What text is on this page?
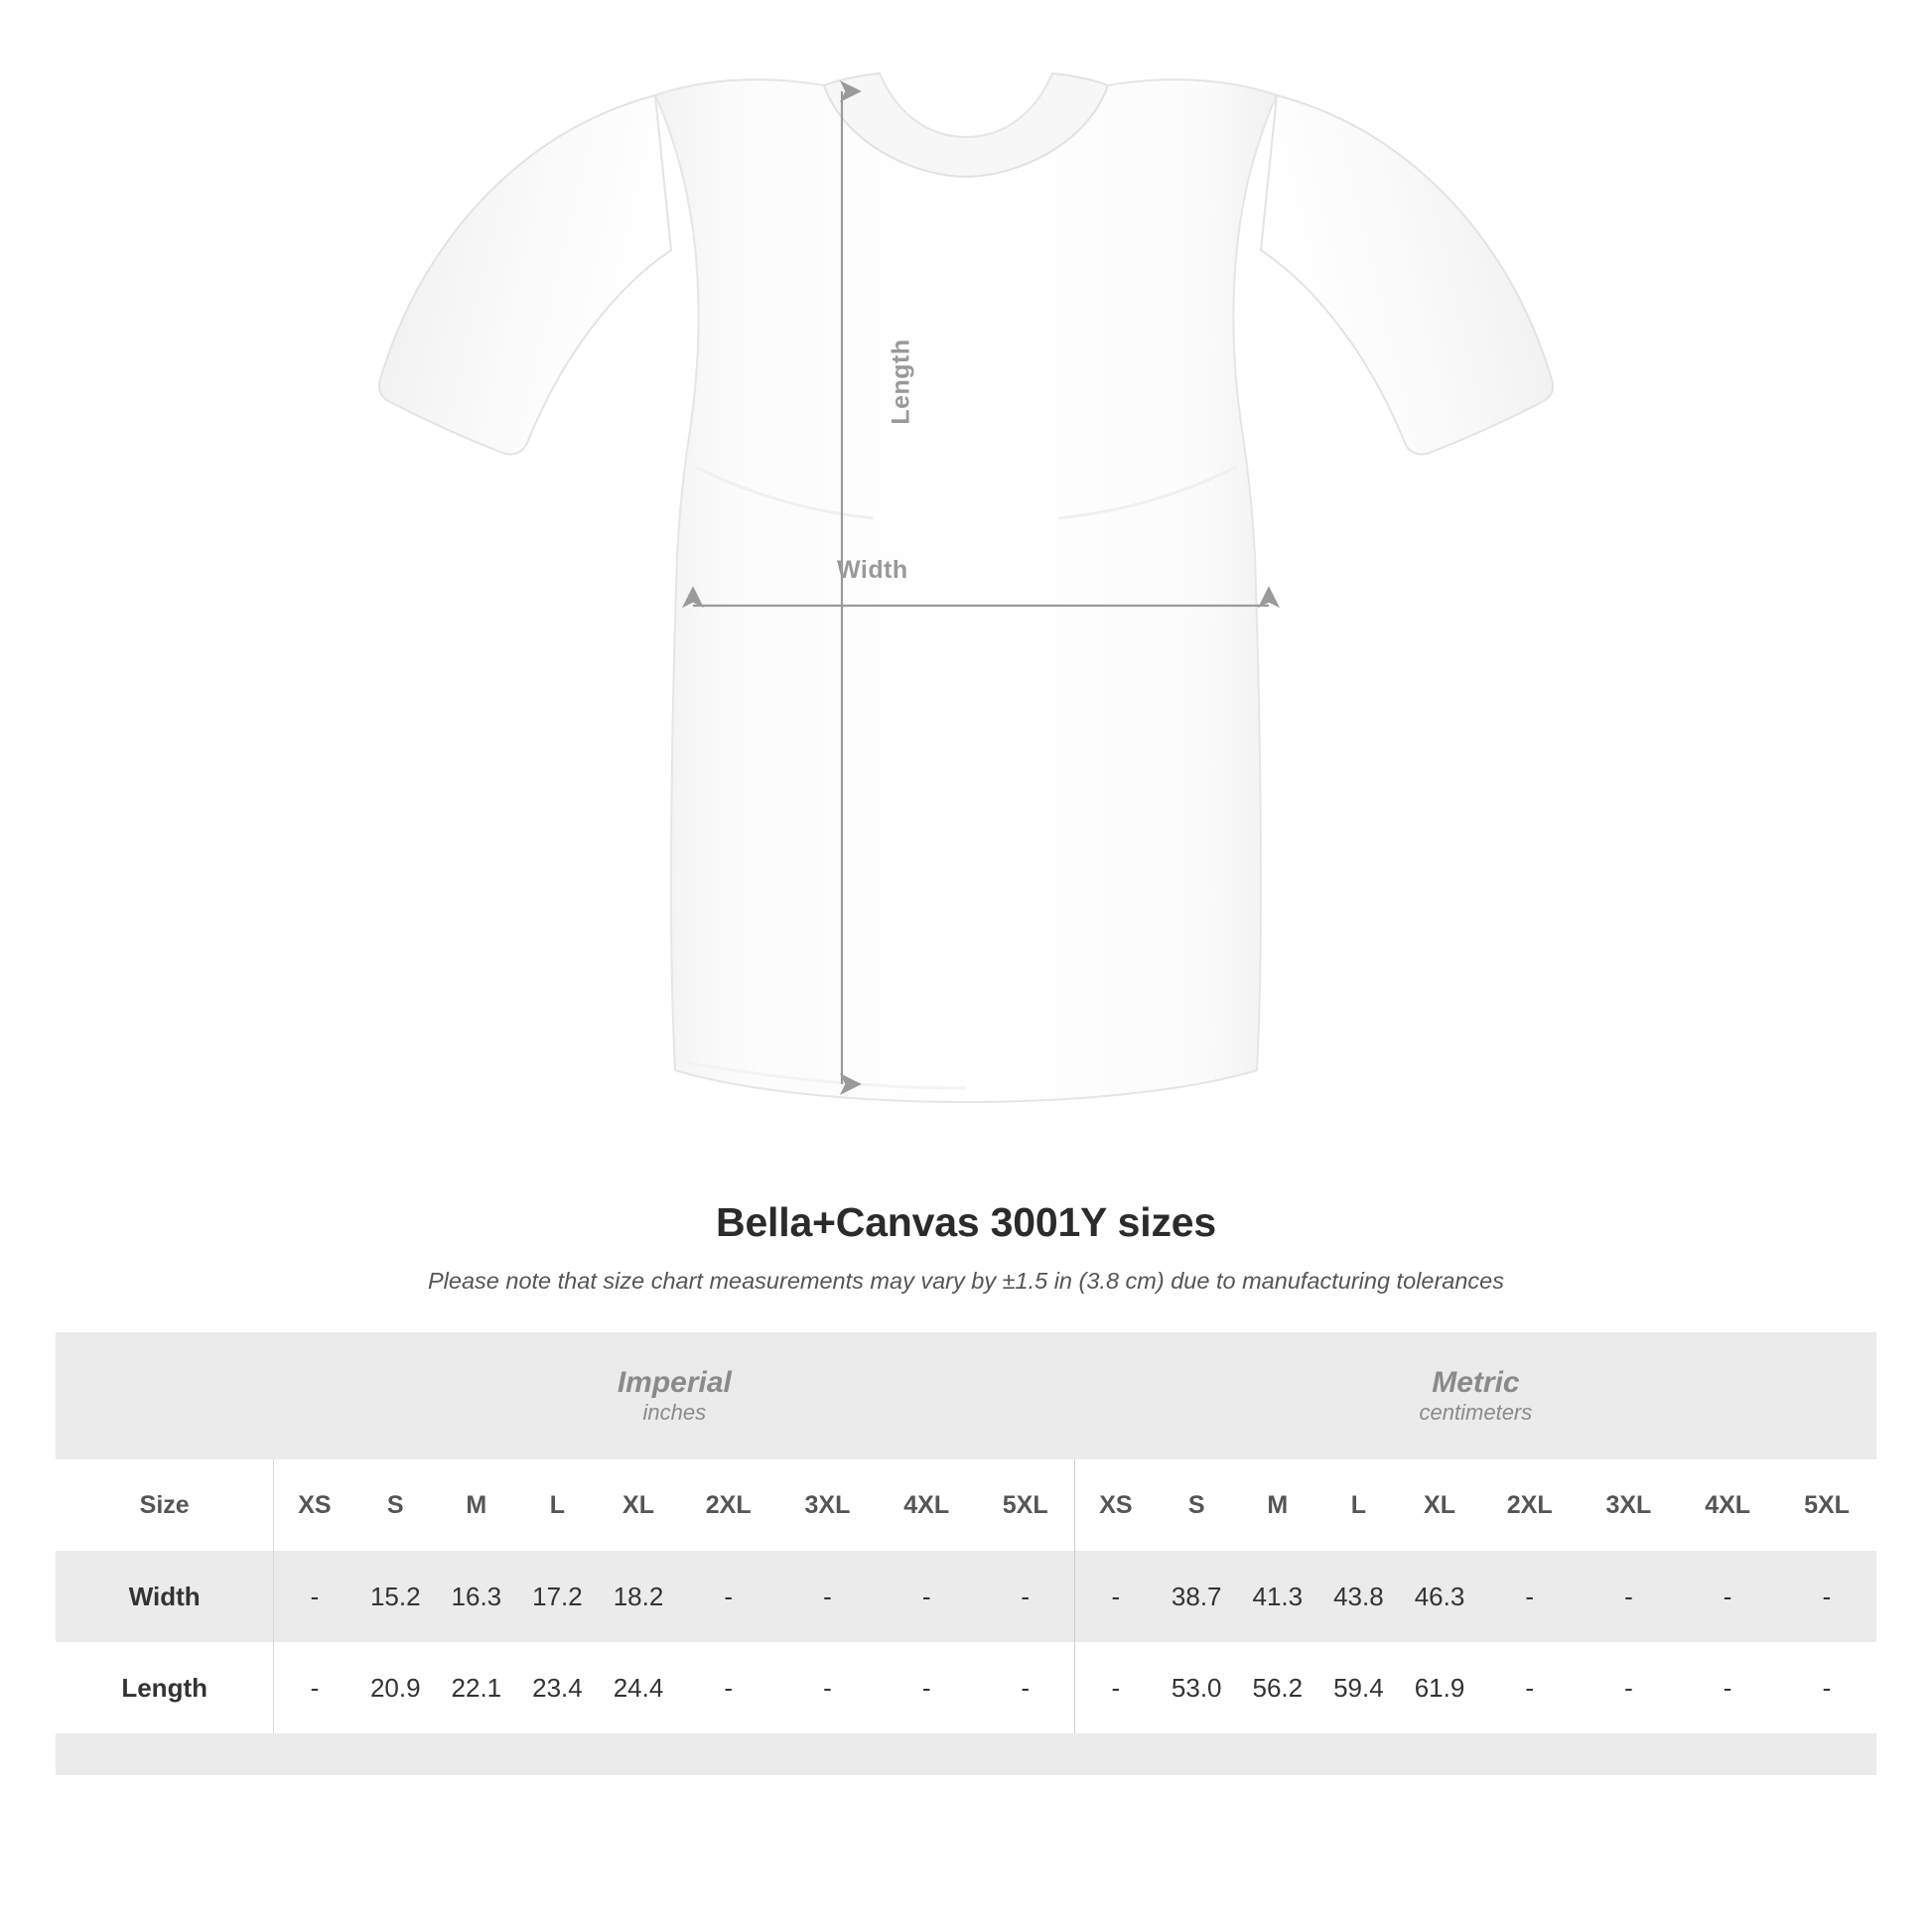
Length
Width
Bella+Canvas 3001Y sizes
Please note that size chart measurements may vary by ±1.5 in (3.8 cm) due to manufacturing tolerances

Imperial
inches

Metric
centimeters

Size	XS	S	M	L	XL	2XL	3XL	4XL	5XL	XS	S	M	L	XL	2XL	3XL	4XL	5XL
Width	-	15.2	16.3	17.2	18.2	-	-	-	-	-	38.7	41.3	43.8	46.3	-	-	-	-
Length	-	20.9	22.1	23.4	24.4	-	-	-	-	-	53.0	56.2	59.4	61.9	-	-	-	-
